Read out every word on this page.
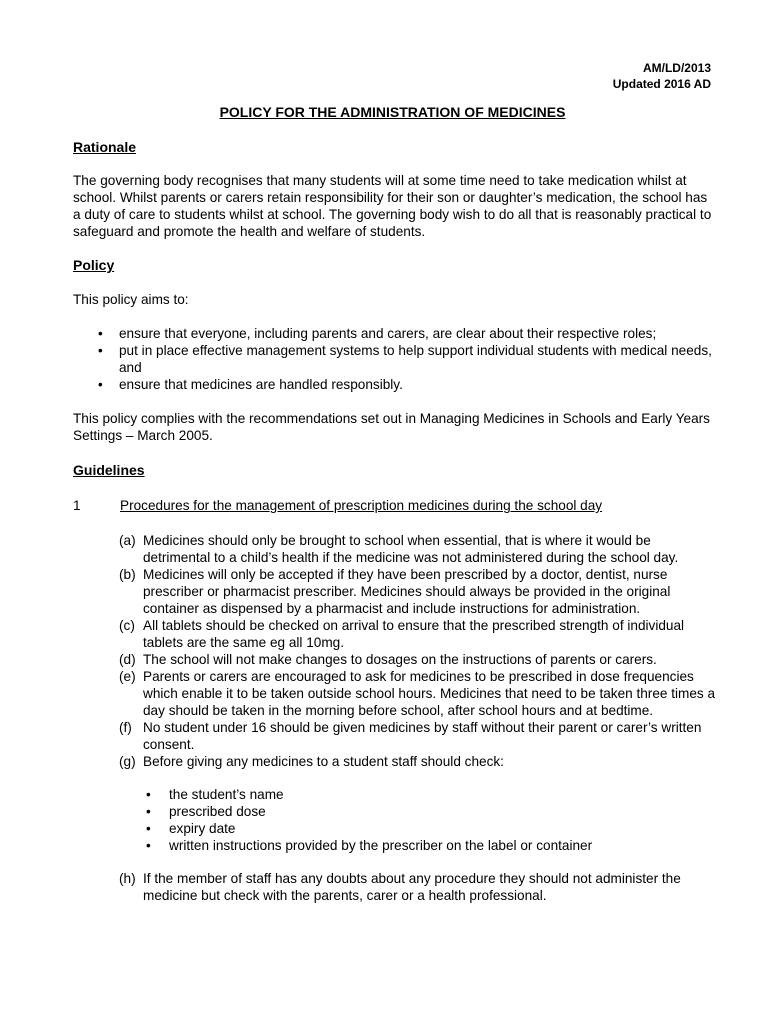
AM/LD/2013
Updated 2016 AD
POLICY FOR THE ADMINISTRATION OF MEDICINES
Rationale

The governing body recognises that many students will at some time need to take medication whilst at school. Whilst parents or carers retain responsibility for their son or daughter’s medication, the school has a duty of care to students whilst at school. The governing body wish to do all that is reasonably practical to safeguard and promote the health and welfare of students.

Policy

This policy aims to:

• ensure that everyone, including parents and carers, are clear about their respective roles;
• put in place effective management systems to help support individual students with medical needs, and
• ensure that medicines are handled responsibly.

This policy complies with the recommendations set out in Managing Medicines in Schools and Early Years Settings – March 2005.

Guidelines
1	Procedures for the management of prescription medicines during the school day
(a) Medicines should only be brought to school when essential, that is where it would be detrimental to a child’s health if the medicine was not administered during the school day.
(b) Medicines will only be accepted if they have been prescribed by a doctor, dentist, nurse prescriber or pharmacist prescriber. Medicines should always be provided in the original container as dispensed by a pharmacist and include instructions for administration.
(c) All tablets should be checked on arrival to ensure that the prescribed strength of individual tablets are the same eg all 10mg.
(d) The school will not make changes to dosages on the instructions of parents or carers.
(e) Parents or carers are encouraged to ask for medicines to be prescribed in dose frequencies which enable it to be taken outside school hours. Medicines that need to be taken three times a day should be taken in the morning before school, after school hours and at bedtime.
(f) No student under 16 should be given medicines by staff without their parent or carer’s written consent.
(g) Before giving any medicines to a student staff should check:
• the student’s name
• prescribed dose
• expiry date
• written instructions provided by the prescriber on the label or container
(h) If the member of staff has any doubts about any procedure they should not administer the medicine but check with the parents, carer or a health professional.
